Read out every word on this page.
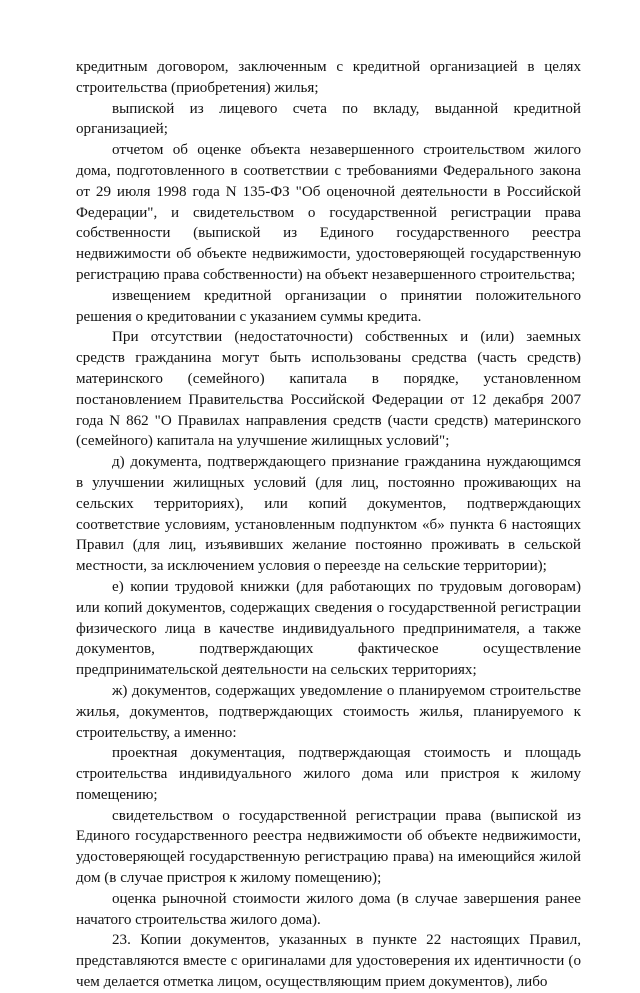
кредитным договором, заключенным с кредитной организацией в целях строительства (приобретения) жилья;

выпиской из лицевого счета по вкладу, выданной кредитной организацией;

отчетом об оценке объекта незавершенного строительством жилого дома, подготовленного в соответствии с требованиями Федерального закона от 29 июля 1998 года N 135-ФЗ "Об оценочной деятельности в Российской Федерации", и свидетельством о государственной регистрации права собственности (выпиской из Единого государственного реестра недвижимости об объекте недвижимости, удостоверяющей государственную регистрацию права собственности) на объект незавершенного строительства;

извещением кредитной организации о принятии положительного решения о кредитовании с указанием суммы кредита.

При отсутствии (недостаточности) собственных и (или) заемных средств гражданина могут быть использованы средства (часть средств) материнского (семейного) капитала в порядке, установленном постановлением Правительства Российской Федерации от 12 декабря 2007 года N 862 "О Правилах направления средств (части средств) материнского (семейного) капитала на улучшение жилищных условий";

д) документа, подтверждающего признание гражданина нуждающимся в улучшении жилищных условий (для лиц, постоянно проживающих на сельских территориях), или копий документов, подтверждающих соответствие условиям, установленным подпунктом «б» пункта 6 настоящих Правил (для лиц, изъявивших желание постоянно проживать в сельской местности, за исключением условия о переезде на сельские территории);

е) копии трудовой книжки (для работающих по трудовым договорам) или копий документов, содержащих сведения о государственной регистрации физического лица в качестве индивидуального предпринимателя, а также документов, подтверждающих фактическое осуществление предпринимательской деятельности на сельских территориях;

ж) документов, содержащих уведомление о планируемом строительстве жилья, документов, подтверждающих стоимость жилья, планируемого к строительству, а именно:

проектная документация, подтверждающая стоимость и площадь строительства индивидуального жилого дома или пристроя к жилому помещению;

свидетельством о государственной регистрации права (выпиской из Единого государственного реестра недвижимости об объекте недвижимости, удостоверяющей государственную регистрацию права) на имеющийся жилой дом (в случае пристроя к жилому помещению);

оценка рыночной стоимости жилого дома (в случае завершения ранее начатого строительства жилого дома).

23. Копии документов, указанных в пункте 22 настоящих Правил, представляются вместе с оригиналами для удостоверения их идентичности (о чем делается отметка лицом, осуществляющим прием документов), либо
